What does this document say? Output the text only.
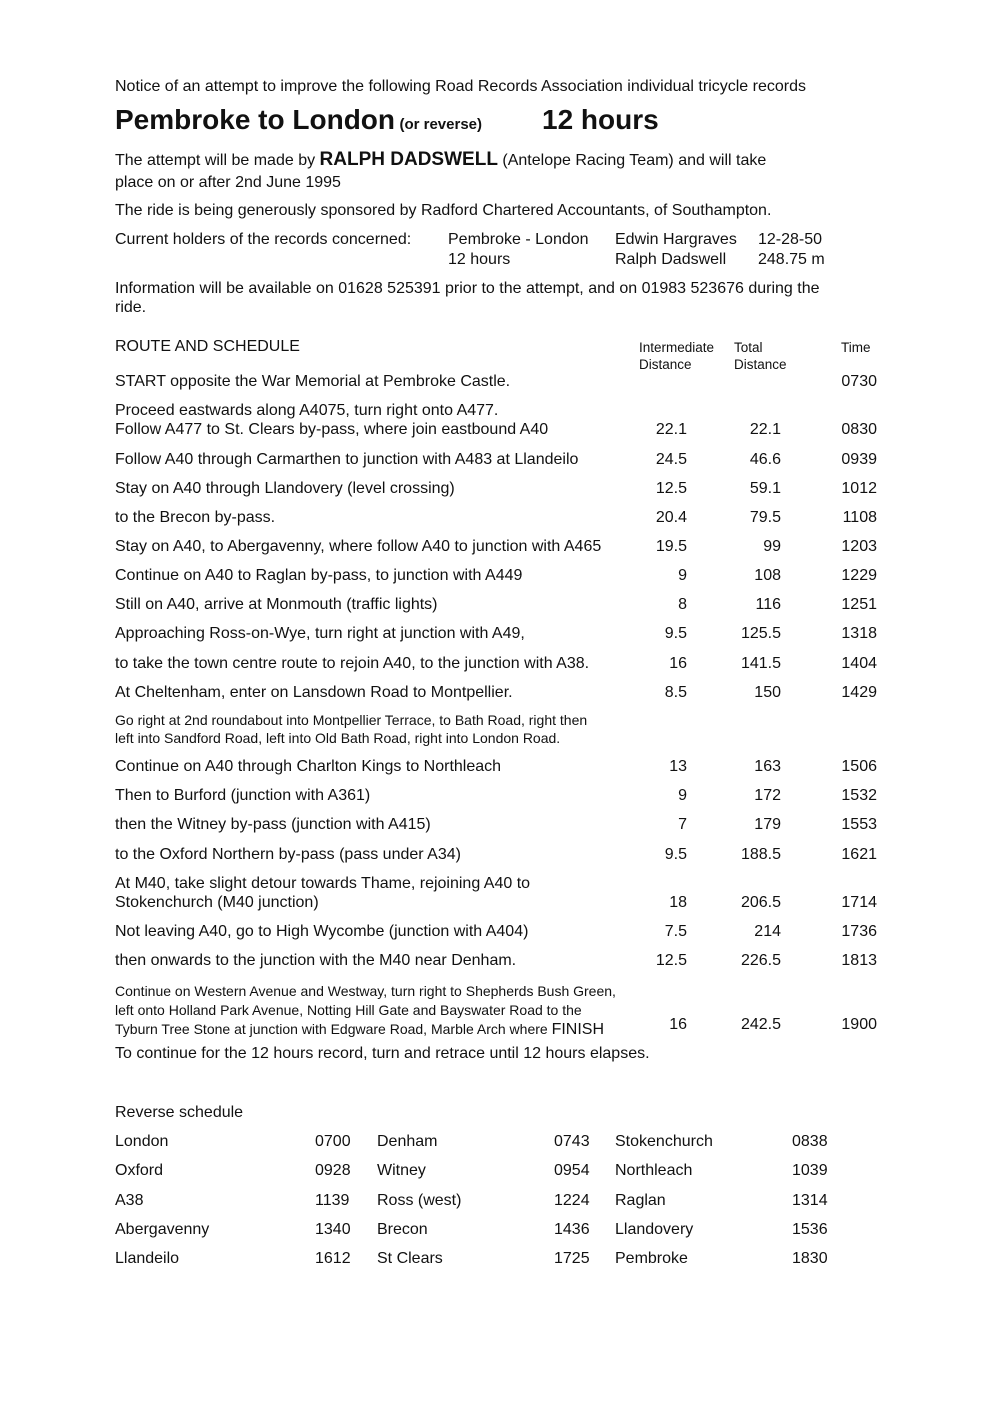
Notice of an attempt to improve the following Road Records Association individual tricycle records
Pembroke to London (or reverse) 12 hours
The attempt will be made by RALPH DADSWELL (Antelope Racing Team) and will take
place on or after 2nd June 1995
The ride is being generously sponsored by Radford Chartered Accountants, of Southampton.
Current holders of the records concerned: Pembroke - London Edwin Hargraves 12-28-50
12 hours	Ralph Dadswell 248.75 m
Information will be available on 01628 525391 prior to the attempt, and on 01983 523676 during the
ride.
ROUTE AND SCHEDULE	Intermediate
Distance
Total
Distance
Time
START opposite the War Memorial at Pembroke Castle.	0730
Proceed eastwards along A4075, turn right onto A477.
Follow A477 to St. Clears by-pass, where join eastbound A40	22.1	22.1	0830
Follow A40 through Carmarthen to junction with A483 at Llandeilo	24.5	46.6	0939
Stay on A40 through Llandovery (level crossing)	12.5	59.1	1012
to the Brecon by-pass.	20.4	79.5	1108
Stay on A40, to Abergavenny, where follow A40 to junction with A465	19.5	99	1203
Continue on A40 to Raglan by-pass, to junction with A449	9	108	1229
Still on A40, arrive at Monmouth (traffic lights)	8	116	1251
Approaching Ross-on-Wye, turn right at junction with A49,	9.5	125.5	1318
to take the town centre route to rejoin A40, to the junction with A38.	16	141.5	1404
At Cheltenham, enter on Lansdown Road to Montpellier.	8.5	150	1429
Go right at 2nd roundabout into Montpellier Terrace, to Bath Road, right then
left into Sandford Road, left into Old Bath Road, right into London Road.
Continue on A40 through Charlton Kings to Northleach	13	163	1506
Then to Burford (junction with A361)	9	172	1532
then the Witney by-pass (junction with A415)	7	179	1553
to the Oxford Northern by-pass (pass under A34)	9.5	188.5	1621
At M40, take slight detour towards Thame, rejoining A40 to
Stokenchurch (M40 junction)	18	206.5	1714
Not leaving A40, go to High Wycombe (junction with A404)	7.5	214	1736
then onwards to the junction with the M40 near Denham.	12.5	226.5	1813
Continue on Western Avenue and Westway, turn right to Shepherds Bush Green,
left onto Holland Park Avenue, Notting Hill Gate and Bayswater Road to the
Tyburn Tree Stone at junction with Edgware Road, Marble Arch where FINISH	16	242.5	1900
To continue for the 12 hours record, turn and retrace until 12 hours elapses.
Reverse schedule
London	0700 Denham	0743 Stokenchurch	0838
Oxford	0928 Witney	0954 Northleach	1039
A38	1139 Ross (west)	1224 Raglan	1314
Abergavenny	1340 Brecon	1436 Llandovery	1536
Llandeilo	1612 St Clears	1725 Pembroke	1830
